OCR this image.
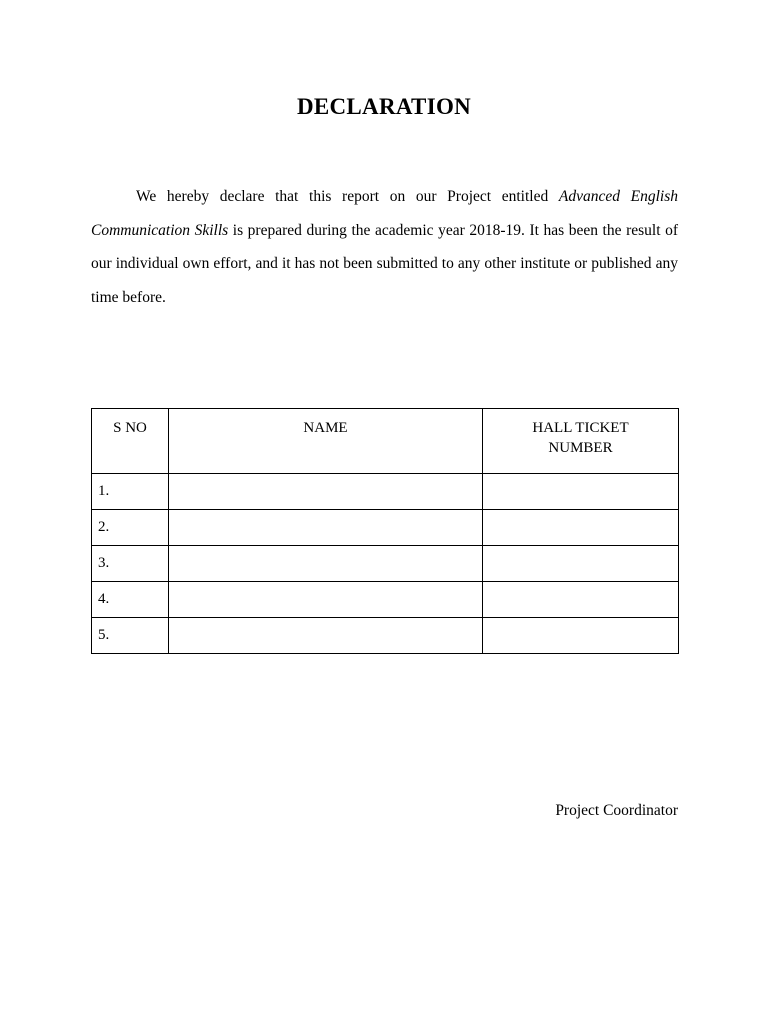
DECLARATION

We hereby declare that this report on our Project entitled Advanced English Communication Skills is prepared during the academic year 2018-19. It has been the result of our individual own effort, and it has not been submitted to any other institute or published any time before.

S NO	NAME	HALL TICKET NUMBER
1.		
2.		
3.		
4.		
5.		
Project Coordinator
